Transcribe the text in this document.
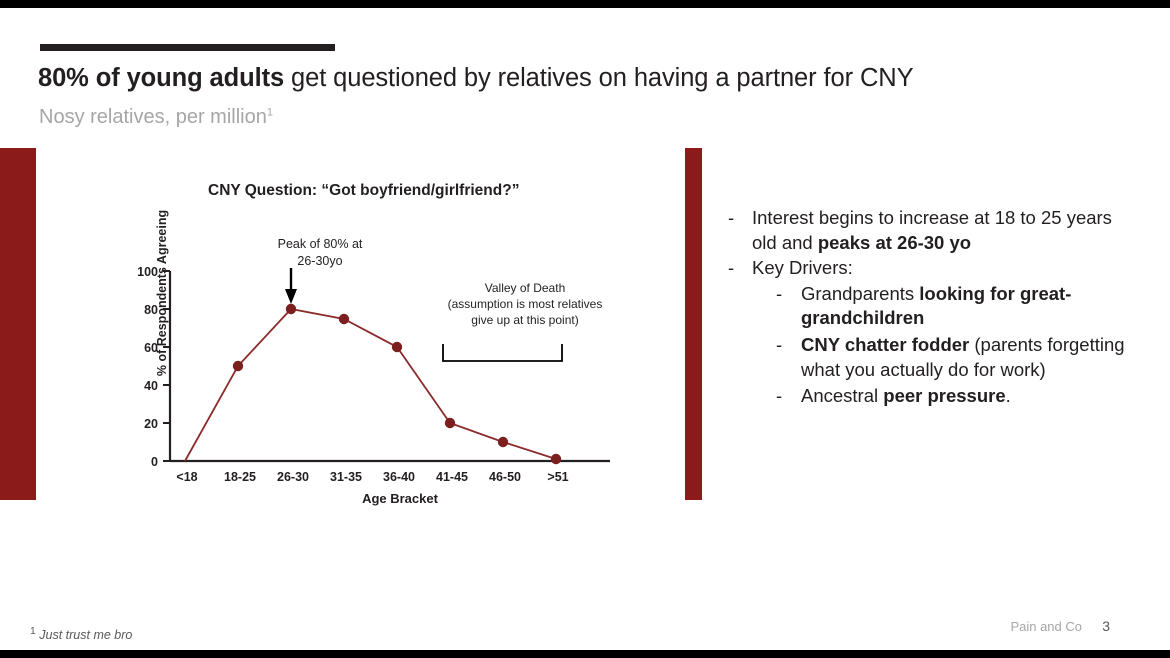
80% of young adults get questioned by relatives on having a partner for CNY
Nosy relatives, per million$^1$
CNY Question: “Got boyfriend/girlfriend?”
% of Respondents Agreeing
Age Bracket
Peak of 80% at
26-30yo
Valley of Death
(assumption is most relatives
give up at this point)
0
20
40
60
80
100
<18 18-25 26-30 31-35 36-40 41-45 46-50 >51
- Interest begins to increase at 18 to 25 years old and peaks at 26-30 yo
- Key Drivers:
-	Grandparents looking for great-grandchildren
-	CNY chatter fodder (parents forgetting what you actually do for work)
-	Ancestral peer pressure.
$^1$ Just trust me bro
Pain and Co 3
